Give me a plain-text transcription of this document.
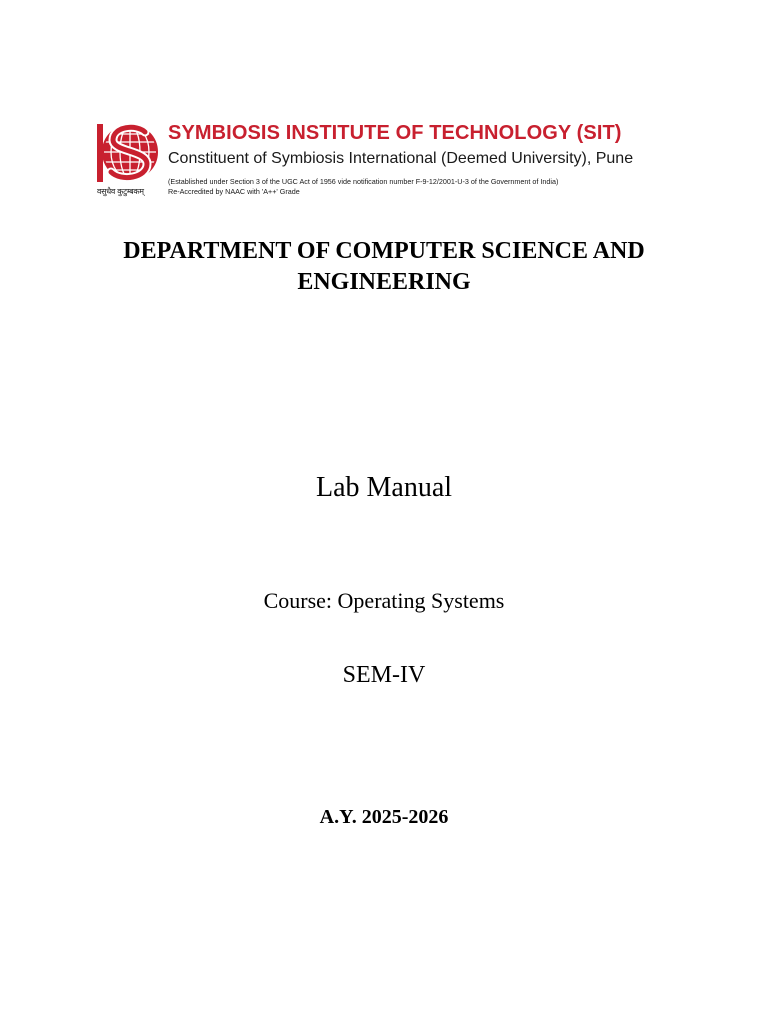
वसुधैव कुटुम्बकम्
SYMBIOSIS INSTITUTE OF TECHNOLOGY (SIT)
Constituent of Symbiosis International (Deemed University), Pune
(Established under Section 3 of the UGC Act of 1956 vide notification number F-9-12/2001-U-3 of the Government of India)
Re-Accredited by NAAC with 'A++' Grade
DEPARTMENT OF COMPUTER SCIENCE AND ENGINEERING
Lab Manual
Course: Operating Systems
SEM-IV
A.Y. 2025-2026
